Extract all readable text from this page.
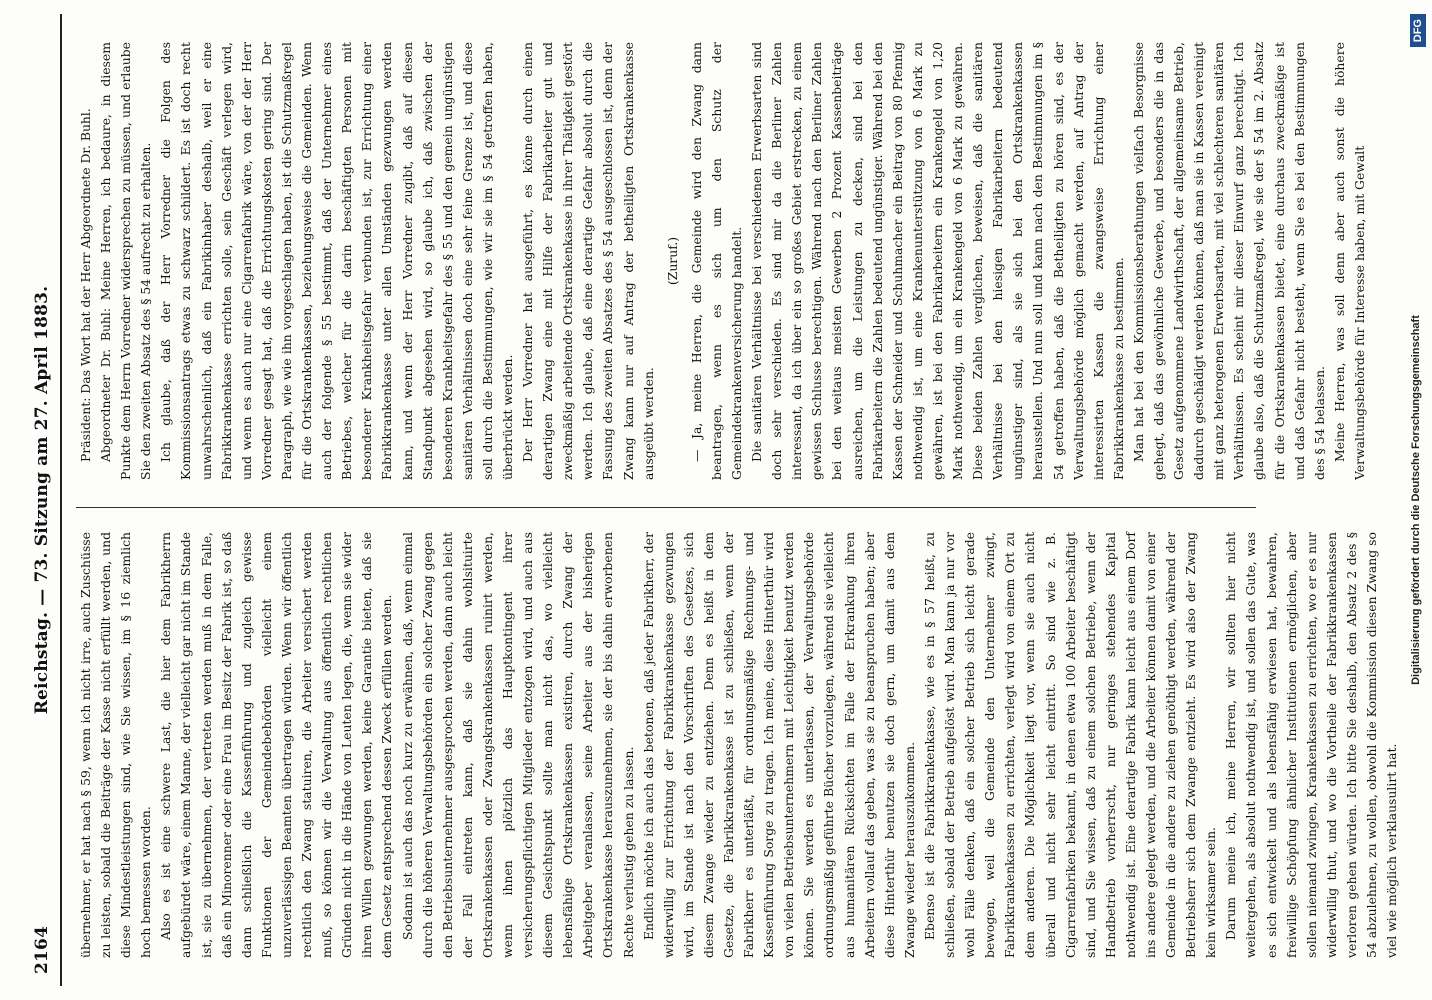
2164
Reichstag. — 73. Sitzung am 27. April 1883.

übernehmer, er hat nach § 59, wenn ich nicht irre, auch Zuschüsse zu leisten, sobald die Beiträge der Kasse nicht erfüllt werden, und diese Mindestleistungen sind, wie Sie wissen, im § 16 ziemlich hoch bemessen worden. Also es ist eine schwere Last, die hier dem Fabrikherrn aufgebürdet wäre, einem Manne, der vielleicht gar nicht im Stande ist, sie zu übernehmen, der vertreten werden muß in dem Falle, daß ein Minorenner oder eine Frau im Besitz der Fabrik ist, so daß dann schließlich die Kassenführung und zugleich gewisse Funktionen der Gemeindebehörden vielleicht einem unzuverlässigen Beamten übertragen würden. Wenn wir öffentlich rechtlich den Zwang statuiren, die Arbeiter versichert werden muß, so können wir die Verwaltung aus öffentlich rechtlichen Gründen nicht in die Hände von Leuten legen, die, wenn sie wider ihren Willen gezwungen werden, keine Garantie bieten, daß sie dem Gesetz entsprechend dessen Zweck erfüllen werden. Sodann ist auch das noch kurz zu erwähnen, daß, wenn einmal durch die höheren Verwaltungsbehörden ein solcher Zwang gegen den Betriebsunternehmer ausgesprochen werden, dann auch leicht der Fall eintreten kann, daß sie dahin wohlsituirte Ortskrankenkassen oder Zwangskrankenkassen ruinirt werden, wenn ihnen plötzlich das Hauptkontingent ihrer versicherungspflichtigen Mitglieder entzogen wird, und auch aus diesem Gesichtspunkt sollte man nicht das, wo vielleicht lebensfähige Ortskrankenkassen existiren, durch Zwang der Arbeitgeber veranlassen, seine Arbeiter aus der bisherigen Ortskrankenkasse herauszunehmen, sie der bis dahin erworbenen Rechte verlustig gehen zu lassen. Endlich möchte ich auch das betonen, daß jeder Fabrikherr, der widerwillig zur Errichtung der Fabrikkrankenkasse gezwungen wird, im Stande ist nach den Vorschriften des Gesetzes, sich diesem Zwange wieder zu entziehen. Denn es heißt in dem Gesetze, die Fabrikkrankenkasse ist zu schließen, wenn der Fabrikherr es unterläßt, für ordnungsmäßige Rechnungs- und Kassenführung Sorge zu tragen. Ich meine, diese Hinterthür wird von vielen Betriebsunternehmern mit Leichtigkeit benutzt werden können. Sie werden es unterlassen, der Verwaltungsbehörde ordnungsmäßig geführte Bücher vorzulegen, während sie vielleicht aus humanitären Rücksichten im Falle der Erkrankung ihren Arbeitern vollauf das geben, was sie zu beanspruchen haben; aber diese Hinterthür benutzen sie doch gern, um damit aus dem Zwange wieder herauszukommen. Ebenso ist die Fabrikkrankenkasse, wie es in § 57 heißt, zu schließen, sobald der Betrieb aufgelöst wird. Man kann ja nur vor wohl Fälle denken, daß ein solcher Betrieb sich leicht gerade bewogen, weil die Gemeinde den Unternehmer zwingt, Fabrikkrankenkassen zu errichten, verlegt wird von einem Ort zu dem anderen. Die Möglichkeit liegt vor, wenn sie auch nicht überall und nicht sehr leicht eintritt. So sind wie z. B. Cigarrenfabriken bekannt, in denen etwa 100 Arbeiter beschäftigt sind, und Sie wissen, daß zu einem solchen Betriebe, wenn der Handbetrieb vorherrscht, nur geringes stehendes Kapital nothwendig ist. Eine derartige Fabrik kann leicht aus einem Dorf ins andere gelegt werden, und die Arbeiter können damit von einer Gemeinde in die andere zu ziehen genöthigt werden, während der Betriebsherr sich dem Zwange entzieht. Es wird also der Zwang kein wirksamer sein. Darum meine ich, meine Herren, wir sollten hier nicht weitergehen, als absolut nothwendig ist, und sollen das Gute, was es sich entwickelt und als lebensfähig erwiesen hat, bewahren, freiwillige Schöpfung ähnlicher Institutionen ermöglichen, aber sollen niemand zwingen, Krankenkassen zu errichten, wo er es nur widerwillig thut, und wo die Vortheile der Fabrikkrankenkassen verloren gehen würden. Ich bitte Sie deshalb, den Absatz 2 des § 54 abzulehnen, zu wollen, obwohl die Kommission diesen Zwang so viel wie möglich verklausulirt hat.

Präsident: Das Wort hat der Herr Abgeordnete Dr. Buhl. Abgeordneter Dr. Buhl: Meine Herren, ich bedaure, in diesem Punkte dem Herrn Vorredner widersprechen zu müssen, und erlaube Sie den zweiten Absatz des § 54 aufrecht zu erhalten. Ich glaube, daß der Herr Vorredner die Folgen des Kommissionsantrags etwas zu schwarz schildert. Es ist doch recht unwahrscheinlich, daß ein Fabrikinhaber deshalb, weil er eine Fabrikkrankenkasse errichten solle, sein Geschäft verlegen wird, und wenn es auch nur eine Cigarrenfabrik wäre, von der der Herr Vorredner gesagt hat, daß die Errichtungskosten gering sind. Der Paragraph, wie wie ihn vorgeschlagen haben, ist die Schutzmaßregel für die Ortskrankenkassen, beziehungsweise die Gemeinden. Wenn auch der folgende § 55 bestimmt, daß der Unternehmer eines Betriebes, welcher für die darin beschäftigten Personen mit besonderer Krankheitsgefahr verbunden ist, zur Errichtung einer Fabrikkrankenkasse unter allen Umständen gezwungen werden kann, und wenn der Herr Vorredner zugibt, daß auf diesen Standpunkt abgesehen wird, so glaube ich, daß zwischen der besonderen Krankheitsgefahr des § 55 und den gemein ungünstigen sanitären Verhältnissen doch eine sehr feine Grenze ist, und diese soll durch die Bestimmungen, wie wir sie im § 54 getroffen haben, überbrückt werden. Der Herr Vorredner hat ausgeführt, es könne durch einen derartigen Zwang eine mit Hilfe der Fabrikarbeiter gut und zweckmäßig arbeitende Ortskrankenkasse in ihrer Thätigkeit gestört werden. Ich glaube, daß eine derartige Gefahr absolut durch die Fassung des zweiten Absatzes des § 54 ausgeschlossen ist, denn der Zwang kann nur auf Antrag der betheiligten Ortskrankenkasse ausgeübt werden.

(Zuruf.) — Ja, meine Herren, die Gemeinde wird den Zwang dann beantragen, wenn es sich um den Schutz der Gemeindekrankenversicherung handelt. Die sanitären Verhältnisse bei verschiedenen Erwerbsarten sind doch sehr verschieden. Es sind mir da die Berliner Zahlen interessant, da ich über ein so großes Gebiet erstrecken, zu einem gewissen Schlusse berechtigen. Während nach den Berliner Zahlen bei den weitaus meisten Gewerben 2 Prozent Kassenbeiträge ausreichen, um die Leistungen zu decken, sind bei den Fabrikarbeitern die Zahlen bedeutend ungünstiger. Während bei den Kassen der Schneider und Schuhmacher ein Beitrag von 80 Pfennig nothwendig ist, um eine Krankenunterstützung von 6 Mark zu gewähren, ist bei den Fabrikarbeitern ein Krankengeld von 1,20 Mark nothwendig, um ein Krankengeld von 6 Mark zu gewähren. Diese beiden Zahlen verglichen, beweisen, daß die sanitären Verhältnisse bei den hiesigen Fabrikarbeitern bedeutend ungünstiger sind, als sie sich bei den Ortskrankenkassen herausstellen. Und nun soll und kann nach den Bestimmungen im § 54 getroffen haben, daß die Betheiligten zu hören sind, es der Verwaltungsbehörde möglich gemacht werden, auf Antrag der interessirten Kassen die zwangsweise Errichtung einer Fabrikkrankenkasse zu bestimmen. Man hat bei den Kommissionsberathungen vielfach Besorgnisse gehegt, daß das gewöhnliche Gewerbe, und besonders die in das Gesetz aufgenommene Landwirthschaft, der allgemeinsame Betrieb, dadurch geschädigt werden können, daß man sie in Kassen vereinigt mit ganz heterogenen Erwerbsarten, mit viel schlechteren sanitären Verhältnissen. Es scheint mir dieser Einwurf ganz berechtigt. Ich glaube also, daß die Schutzmaßregel, wie sie der § 54 im 2. Absatz für die Ortskrankenkassen bietet, eine durchaus zweckmäßige ist und daß Gefahr nicht besteht, wenn Sie es bei den Bestimmungen des § 54 belassen. Meine Herren, was soll denn aber auch sonst die höhere Verwaltungsbehörde für Interesse haben, mit Gewalt

Digitalisierung gefördert durch die Deutsche Forschungsgemeinschaft
DFG
